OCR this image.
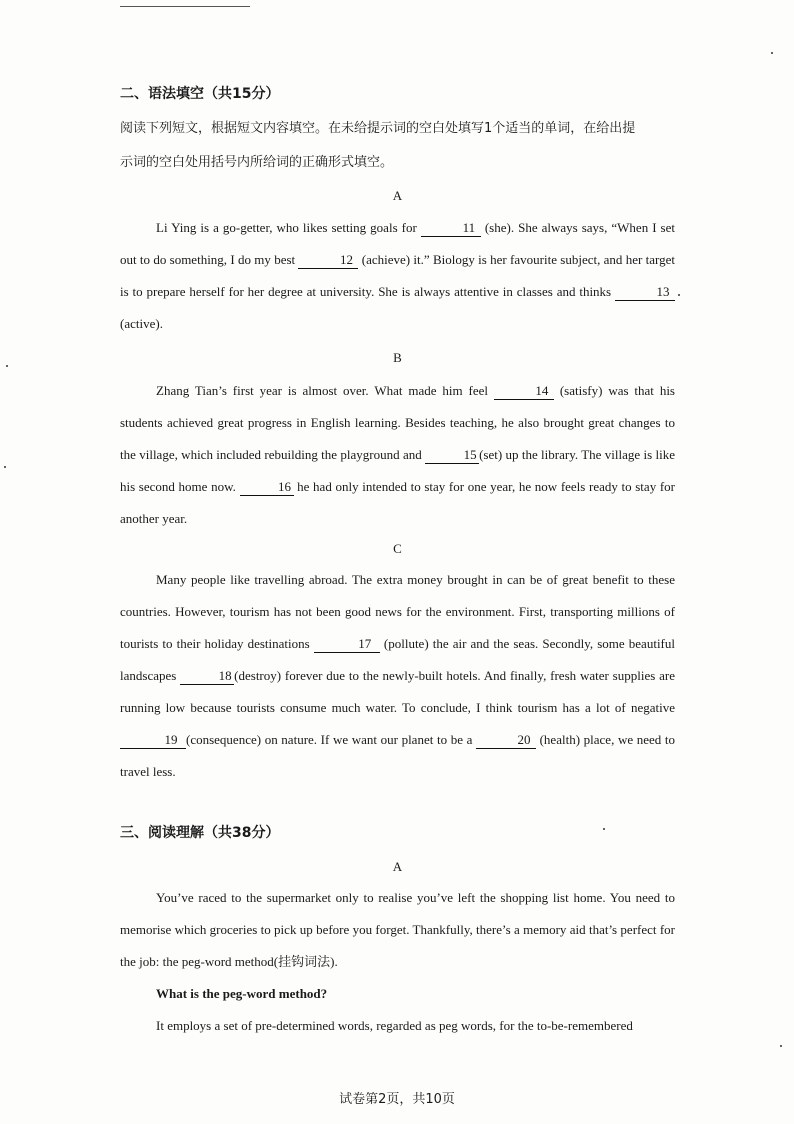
二、语法填空（共15分）
阅读下列短文，根据短文内容填空。在未给提示词的空白处填写1个适当的单词，在给出提
示词的空白处用括号内所给词的正确形式填空。
A

Li Ying is a go-getter, who likes setting goals for	11 (she). She always says, “When I set out to do something, I do my best	12 (achieve) it.” Biology is her favourite subject, and her target is to prepare herself for her degree at university. She is always attentive in classes and thinks	13 (active).

B

Zhang Tian’s first year is almost over. What made him feel	14 (satisfy) was that his students achieved great progress in English learning. Besides teaching, he also brought great changes to the village, which included rebuilding the playground and	15 (set) up the library. The village is like his second home now.	16 he had only intended to stay for one year, he now feels ready to stay for another year.

C

Many people like travelling abroad. The extra money brought in can be of great benefit to these countries. However, tourism has not been good news for the environment. First, transporting millions of tourists to their holiday destinations	17 (pollute) the air and the seas. Secondly, some beautiful landscapes	18 (destroy) forever due to the newly-built hotels. And finally, fresh water supplies are running low because tourists consume much water. To conclude, I think tourism has a lot of negative 19 (consequence) on nature. If we want our planet to be a	20 (health) place, we need to travel less.

三、阅读理解（共38分）
A

You’ve raced to the supermarket only to realise you’ve left the shopping list home. You need to memorise which groceries to pick up before you forget. Thankfully, there’s a memory aid that’s perfect for the job: the peg-word method(挂钩词法).

What is the peg-word method?

It employs a set of pre-determined words, regarded as peg words, for the to-be-remembered

试卷第2页，共10页
